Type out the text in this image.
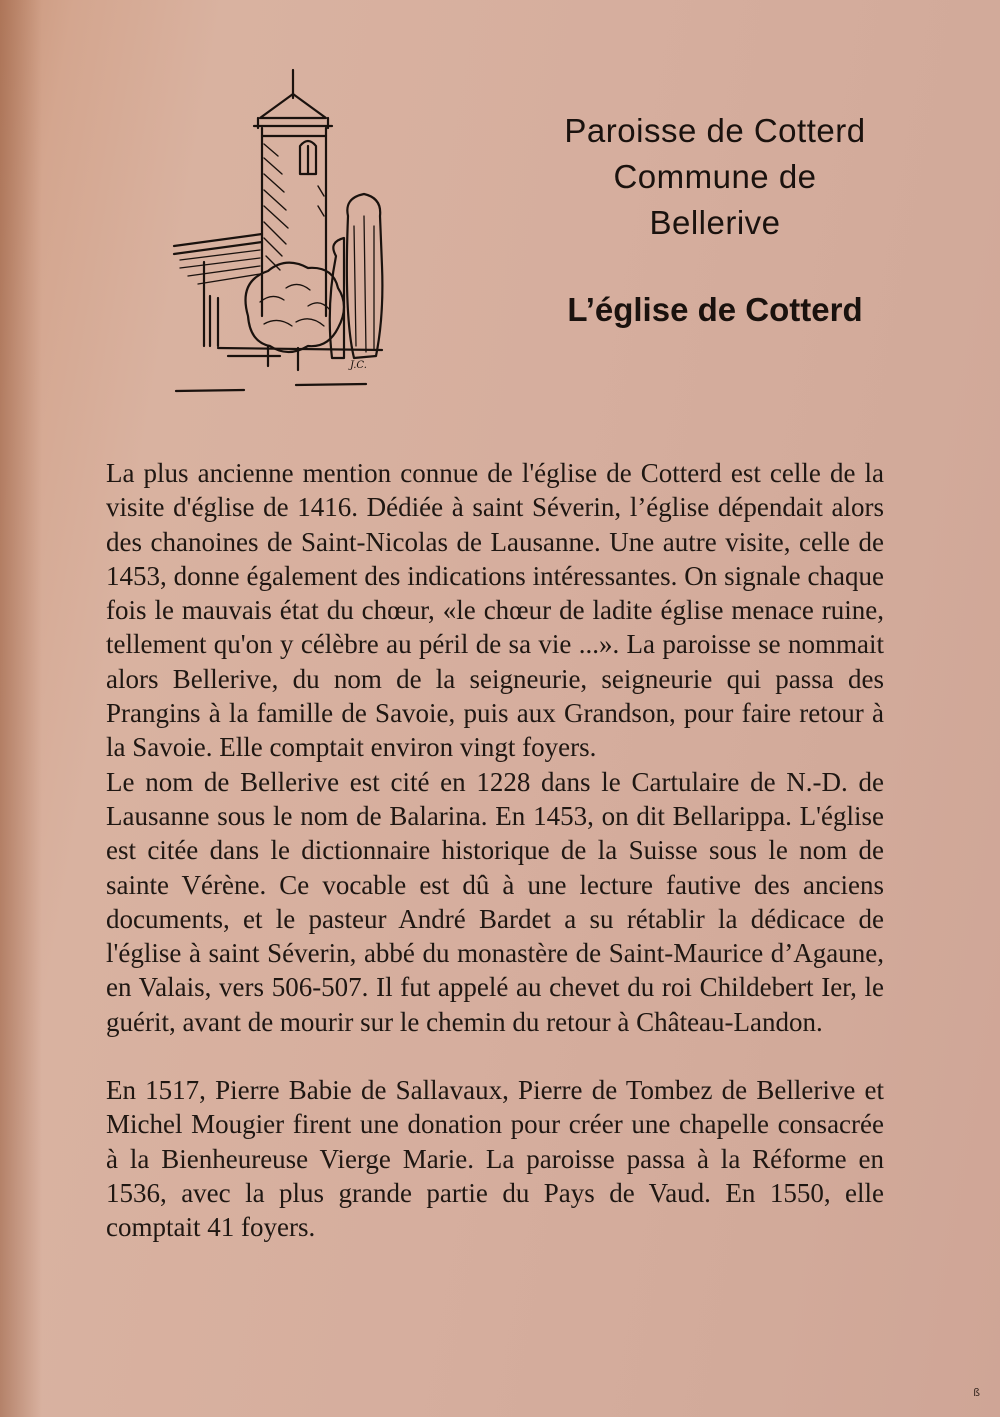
J.C.
Paroisse de Cotterd
Commune de
Bellerive
L’église de Cotterd

La plus ancienne mention connue de l'église de Cotterd est celle de la visite d'église de 1416. Dédiée à saint Séverin, l’église dépendait alors des chanoines de Saint-Nicolas de Lausanne. Une autre visite, celle de 1453, donne également des indications intéressantes. On signale chaque fois le mauvais état du chœur, «le chœur de ladite église menace ruine, tellement qu'on y célèbre au péril de sa vie ...». La paroisse se nommait alors Bellerive, du nom de la seigneurie, seigneurie qui passa des Prangins à la famille de Savoie, puis aux Grandson, pour faire retour à la Savoie. Elle comptait environ vingt foyers.

Le nom de Bellerive est cité en 1228 dans le Cartulaire de N.-D. de Lausanne sous le nom de Balarina. En 1453, on dit Bellarippa. L'église est citée dans le dictionnaire historique de la Suisse sous le nom de sainte Vérène. Ce vocable est dû à une lecture fautive des anciens documents, et le pasteur André Bardet a su rétablir la dédicace de l'église à saint Séverin, abbé du monastère de Saint-Maurice d’Agaune, en Valais, vers 506-507. Il fut appelé au chevet du roi Childebert Ier, le guérit, avant de mourir sur le chemin du retour à Château-Landon.

En 1517, Pierre Babie de Sallavaux, Pierre de Tombez de Bellerive et Michel Mougier firent une donation pour créer une chapelle consacrée à la Bienheureuse Vierge Marie. La paroisse passa à la Réforme en 1536, avec la plus grande partie du Pays de Vaud. En 1550, elle comptait 41 foyers.

ß
